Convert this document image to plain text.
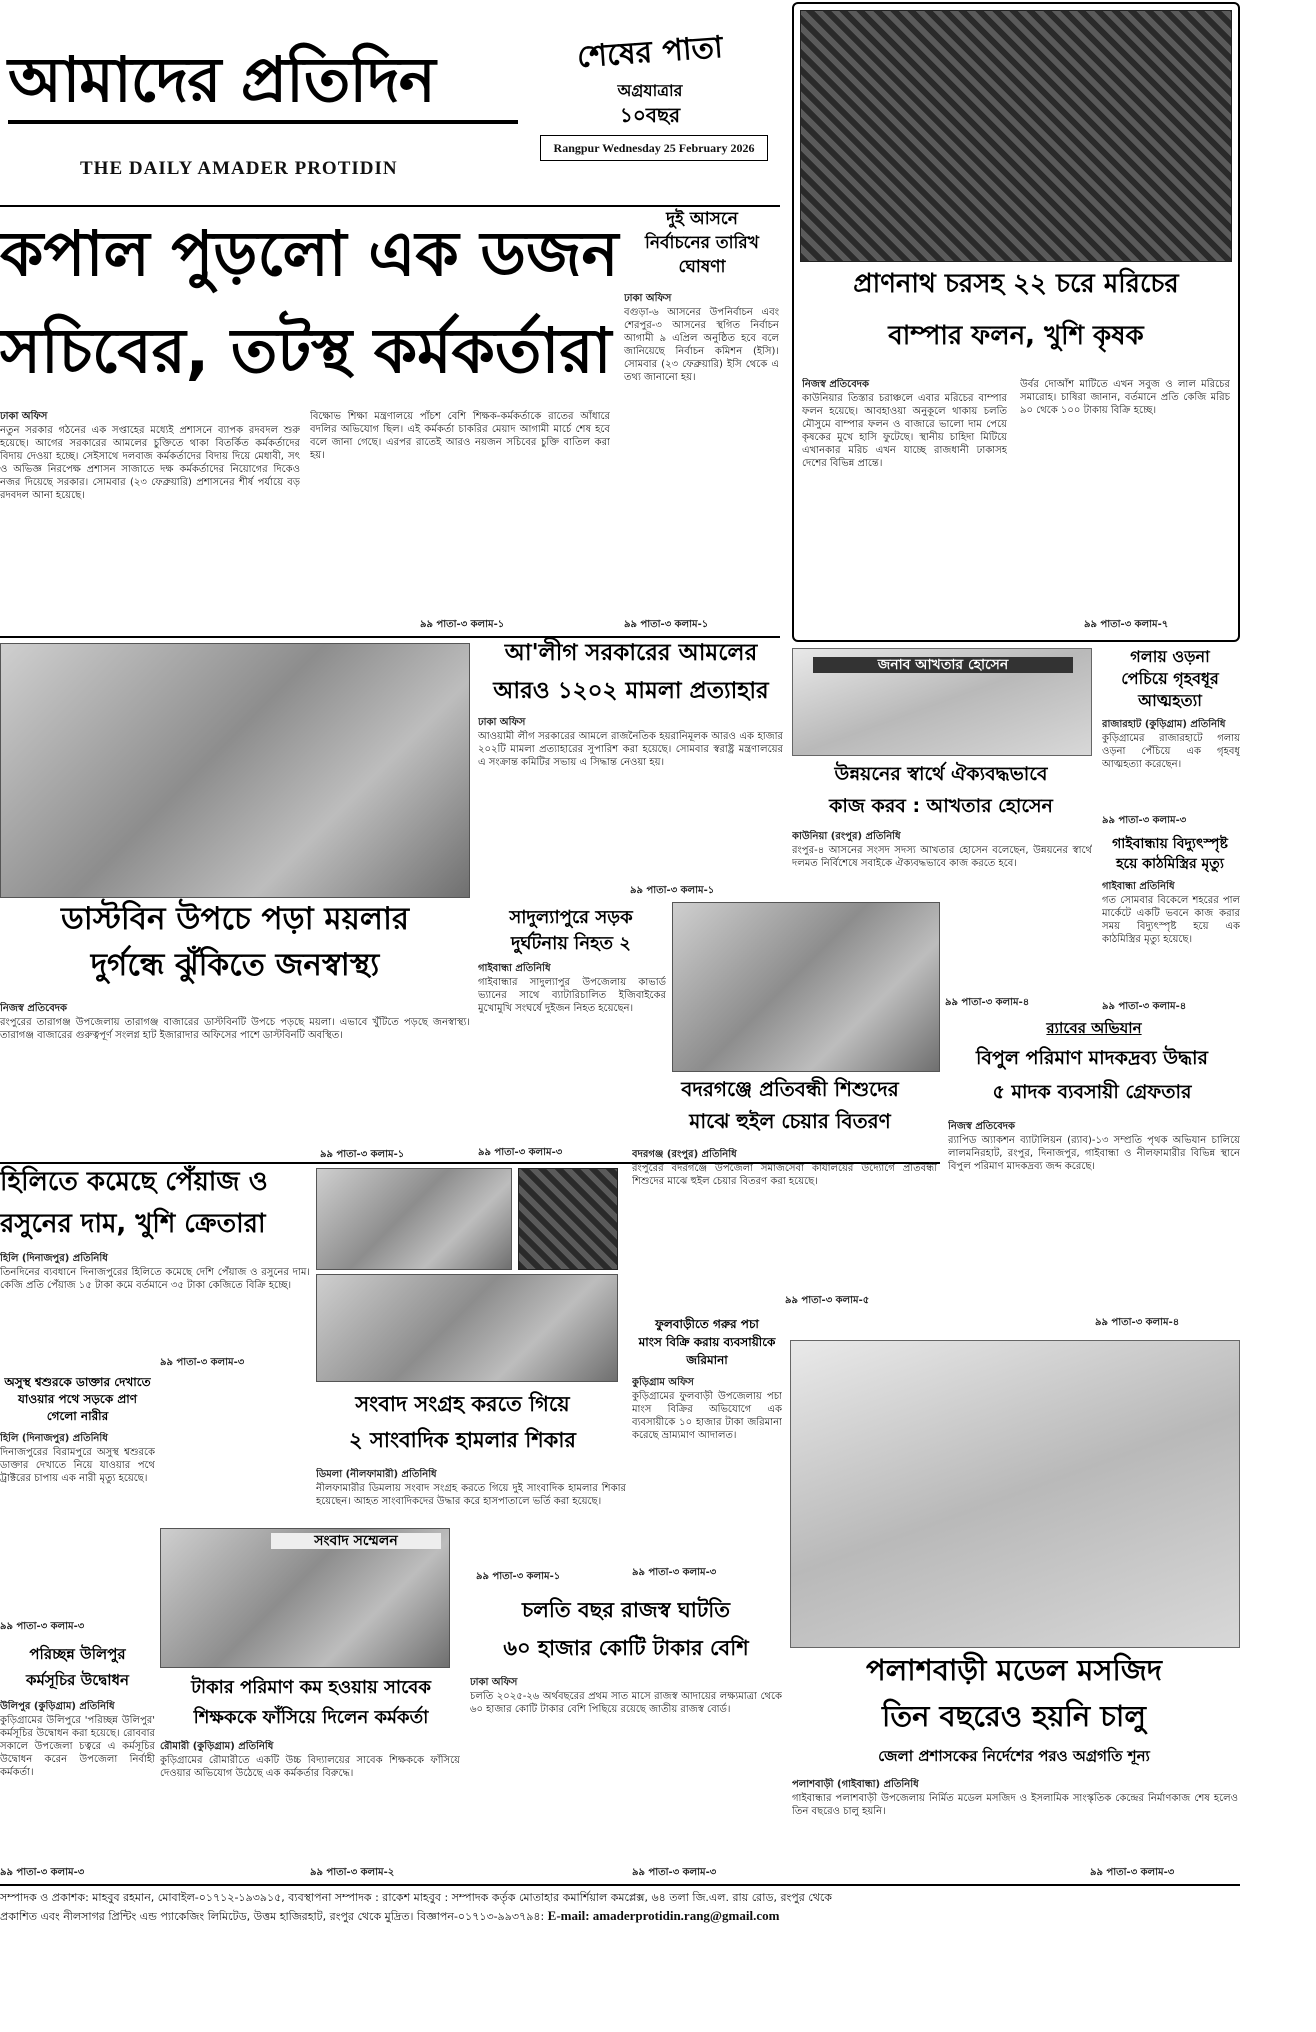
আমাদের প্রতিদিন
THE DAILY AMADER PROTIDIN
শেষের পাতা
অগ্রযাত্রার
১০বছর
Rangpur Wednesday 25 February 2026
কপাল পুড়লো এক ডজন
সচিবের, তটস্থ কর্মকর্তারা
ঢাকা অফিস
নতুন সরকার গঠনের এক সপ্তাহের মধ্যেই প্রশাসনে ব্যাপক রদবদল শুরু হয়েছে। আগের সরকারের আমলের চুক্তিতে থাকা বিতর্কিত কর্মকর্তাদের বিদায় দেওয়া হচ্ছে। সেইসাথে দলবাজ কর্মকর্তাদের বিদায় দিয়ে মেধাবী, সৎ ও অভিজ্ঞ নিরপেক্ষ প্রশাসন সাজাতে দক্ষ কর্মকর্তাদের নিয়োগের দিকেও নজর দিয়েছে সরকার। সোমবার (২৩ ফেব্রুয়ারি) প্রশাসনের শীর্ষ পর্যায়ে বড় রদবদল আনা হয়েছে।
বিক্ষোভ শিক্ষা মন্ত্রণালয়ে পাঁচশ বেশি শিক্ষক-কর্মকর্তাকে রাতের আঁধারে বদলির অভিযোগ ছিল। এই কর্মকর্তা চাকরির মেয়াদ আগামী মার্চে শেষ হবে বলে জানা গেছে। এরপর রাতেই আরও নয়জন সচিবের চুক্তি বাতিল করা হয়।
৯৯ পাতা-৩ কলাম-১
দুই আসনে
নির্বাচনের তারিখ
ঘোষণা
ঢাকা অফিস
বগুড়া-৬ আসনের উপনির্বাচন এবং শেরপুর-৩ আসনের স্থগিত নির্বাচন আগামী ৯ এপ্রিল অনুষ্ঠিত হবে বলে জানিয়েছে নির্বাচন কমিশন (ইসি)। সোমবার (২৩ ফেব্রুয়ারি) ইসি থেকে এ তথ্য জানানো হয়।
৯৯ পাতা-৩ কলাম-১
প্রাণনাথ চরসহ ২২ চরে মরিচের
বাম্পার ফলন, খুশি কৃষক
নিজস্ব প্রতিবেদক
কাউনিয়ার তিস্তার চরাঞ্চলে এবার মরিচের বাম্পার ফলন হয়েছে। আবহাওয়া অনুকূলে থাকায় চলতি মৌসুমে বাম্পার ফলন ও বাজারে ভালো দাম পেয়ে কৃষকের মুখে হাসি ফুটেছে। স্থানীয় চাহিদা মিটিয়ে এখানকার মরিচ এখন যাচ্ছে রাজধানী ঢাকাসহ দেশের বিভিন্ন প্রান্তে।
উর্বর দোআঁশ মাটিতে এখন সবুজ ও লাল মরিচের সমারোহ। চাষিরা জানান, বর্তমানে প্রতি কেজি মরিচ ৯০ থেকে ১০০ টাকায় বিক্রি হচ্ছে।
৯৯ পাতা-৩ কলাম-৭
আ'লীগ সরকারের আমলের
আরও ১২০২ মামলা প্রত্যাহার
ঢাকা অফিস
আওয়ামী লীগ সরকারের আমলে রাজনৈতিক হয়রানিমূলক আরও এক হাজার ২০২টি মামলা প্রত্যাহারের সুপারিশ করা হয়েছে। সোমবার স্বরাষ্ট্র মন্ত্রণালয়ের এ সংক্রান্ত কমিটির সভায় এ সিদ্ধান্ত নেওয়া হয়।
৯৯ পাতা-৩ কলাম-১
জনাব আখতার হোসেন
উন্নয়নের স্বার্থে ঐক্যবদ্ধভাবে
কাজ করব : আখতার হোসেন
কাউনিয়া (রংপুর) প্রতিনিধি
রংপুর-৪ আসনের সংসদ সদস্য আখতার হোসেন বলেছেন, উন্নয়নের স্বার্থে দলমত নির্বিশেষে সবাইকে ঐক্যবদ্ধভাবে কাজ করতে হবে।
৯৯ পাতা-৩ কলাম-৪
গলায় ওড়না
পেচিয়ে গৃহবধূর
আত্মহত্যা
রাজারহাট (কুড়িগ্রাম) প্রতিনিধি
কুড়িগ্রামের রাজারহাটে গলায় ওড়না পেঁচিয়ে এক গৃহবধূ আত্মহত্যা করেছেন।
৯৯ পাতা-৩ কলাম-৩
গাইবান্ধায় বিদ্যুৎস্পৃষ্ট
হয়ে কাঠমিস্ত্রির মৃত্যু
গাইবান্ধা প্রতিনিধি
গত সোমবার বিকেলে শহরের পাল মার্কেটে একটি ভবনে কাজ করার সময় বিদ্যুৎস্পৃষ্ট হয়ে এক কাঠমিস্ত্রির মৃত্যু হয়েছে।
৯৯ পাতা-৩ কলাম-৪
ডাস্টবিন উপচে পড়া ময়লার
দুর্গন্ধে ঝুঁকিতে জনস্বাস্থ্য
নিজস্ব প্রতিবেদক
রংপুরের তারাগঞ্জ উপজেলায় তারাগঞ্জ বাজারের ডাস্টবিনটি উপচে পড়ছে ময়লা। এভাবে খুঁটিতে পড়ছে জনস্বাস্থ্য। তারাগঞ্জ বাজারের গুরুত্বপূর্ণ সংলগ্ন হাট ইজারাদার অফিসের পাশে ডাস্টবিনটি অবস্থিত।
৯৯ পাতা-৩ কলাম-১
সাদুল্যাপুরে সড়ক
দুর্ঘটনায় নিহত ২
গাইবান্ধা প্রতিনিধি
গাইবান্ধার সাদুল্যাপুর উপজেলায় কাভার্ড ভ্যানের সাথে ব্যাটারিচালিত ইজিবাইকের মুখোমুখি সংঘর্ষে দুইজন নিহত হয়েছেন।
৯৯ পাতা-৩ কলাম-৩
বদরগঞ্জে প্রতিবন্ধী শিশুদের
মাঝে হুইল চেয়ার বিতরণ
র‌্যাবের অভিযান
বিপুল পরিমাণ মাদকদ্রব্য উদ্ধার
৫ মাদক ব্যবসায়ী গ্রেফতার
নিজস্ব প্রতিবেদক
র‌্যাপিড অ্যাকশন ব্যাটালিয়ন (র‌্যাব)-১৩ সম্প্রতি পৃথক অভিযান চালিয়ে লালমনিরহাট, রংপুর, দিনাজপুর, গাইবান্ধা ও নীলফামারীর বিভিন্ন স্থানে বিপুল পরিমাণ মাদকদ্রব্য জব্দ করেছে।
৯৯ পাতা-৩ কলাম-৪
হিলিতে কমেছে পেঁয়াজ ও
রসুনের দাম, খুশি ক্রেতারা
হিলি (দিনাজপুর) প্রতিনিধি
তিনদিনের ব্যবধানে দিনাজপুরের হিলিতে কমেছে দেশি পেঁয়াজ ও রসুনের দাম। কেজি প্রতি পেঁয়াজ ১৫ টাকা কমে বর্তমানে ৩৫ টাকা কেজিতে বিক্রি হচ্ছে।
৯৯ পাতা-৩ কলাম-৩
অসুস্থ শ্বশুরকে ডাক্তার দেখাতে
যাওয়ার পথে সড়কে প্রাণ
গেলো নারীর
হিলি (দিনাজপুর) প্রতিনিধি
দিনাজপুরের বিরামপুরে অসুস্থ শ্বশুরকে ডাক্তার দেখাতে নিয়ে যাওয়ার পথে ট্রাক্টরের চাপায় এক নারী মৃত্যু হয়েছে।
৯৯ পাতা-৩ কলাম-৩
পরিচ্ছন্ন উলিপুর
কর্মসূচির উদ্বোধন
উলিপুর (কুড়িগ্রাম) প্রতিনিধি
কুড়িগ্রামের উলিপুরে 'পরিচ্ছন্ন উলিপুর' কর্মসূচির উদ্বোধন করা হয়েছে। রোববার সকালে উপজেলা চত্বরে এ কর্মসূচির উদ্বোধন করেন উপজেলা নির্বাহী কর্মকর্তা।
৯৯ পাতা-৩ কলাম-৩
সংবাদ সংগ্রহ করতে গিয়ে
২ সাংবাদিক হামলার শিকার
ডিমলা (নীলফামারী) প্রতিনিধি
নীলফামারীর ডিমলায় সংবাদ সংগ্রহ করতে গিয়ে দুই সাংবাদিক হামলার শিকার হয়েছেন। আহত সাংবাদিকদের উদ্ধার করে হাসপাতালে ভর্তি করা হয়েছে।
৯৯ পাতা-৩ কলাম-১
বদরগঞ্জ (রংপুর) প্রতিনিধি
রংপুরের বদরগঞ্জে উপজেলা সমাজসেবা কার্যালয়ের উদ্যোগে প্রতিবন্ধী শিশুদের মাঝে হুইল চেয়ার বিতরণ করা হয়েছে।
৯৯ পাতা-৩ কলাম-৫
ফুলবাড়ীতে গরুর পচা
মাংস বিক্রি করায় ব্যবসায়ীকে
জরিমানা
কুড়িগ্রাম অফিস
কুড়িগ্রামের ফুলবাড়ী উপজেলায় পচা মাংস বিক্রির অভিযোগে এক ব্যবসায়ীকে ১০ হাজার টাকা জরিমানা করেছে ভ্রাম্যমাণ আদালত।
৯৯ পাতা-৩ কলাম-৩
সংবাদ সম্মেলন
টাকার পরিমাণ কম হওয়ায় সাবেক
শিক্ষককে ফাঁসিয়ে দিলেন কর্মকর্তা
রৌমারী (কুড়িগ্রাম) প্রতিনিধি
কুড়িগ্রামের রৌমারীতে একটি উচ্চ বিদ্যালয়ের সাবেক শিক্ষককে ফাঁসিয়ে দেওয়ার অভিযোগ উঠেছে এক কর্মকর্তার বিরুদ্ধে।
৯৯ পাতা-৩ কলাম-২
চলতি বছর রাজস্ব ঘাটতি
৬০ হাজার কোটি টাকার বেশি
ঢাকা অফিস
চলতি ২০২৫-২৬ অর্থবছরের প্রথম সাত মাসে রাজস্ব আদায়ের লক্ষ্যমাত্রা থেকে ৬০ হাজার কোটি টাকার বেশি পিছিয়ে রয়েছে জাতীয় রাজস্ব বোর্ড।
৯৯ পাতা-৩ কলাম-৩
পলাশবাড়ী মডেল মসজিদ
তিন বছরেও হয়নি চালু
জেলা প্রশাসকের নির্দেশের পরও অগ্রগতি শূন্য
পলাশবাড়ী (গাইবান্ধা) প্রতিনিধি
গাইবান্ধার পলাশবাড়ী উপজেলায় নির্মিত মডেল মসজিদ ও ইসলামিক সাংস্কৃতিক কেন্দ্রের নির্মাণকাজ শেষ হলেও তিন বছরেও চালু হয়নি।
৯৯ পাতা-৩ কলাম-৩
সম্পাদক ও প্রকাশক: মাহবুব রহমান, মোবাইল-০১৭১২-১৯৩৯১৫, ব্যবস্থাপনা সম্পাদক : রাকেশ মাহবুব : সম্পাদক কর্তৃক মোতাহার কমার্শিয়াল কমপ্লেক্স, ৬৪ তলা জি.এল. রায় রোড, রংপুর থেকে
প্রকাশিত এবং নীলসাগর প্রিন্টিং এন্ড প্যাকেজিং লিমিটেড, উত্তম হাজিরহাট, রংপুর থেকে মুদ্রিত। বিজ্ঞাপন-০১৭১৩-৯৯৩৭৯৪: E-mail: amaderprotidin.rang@gmail.com
